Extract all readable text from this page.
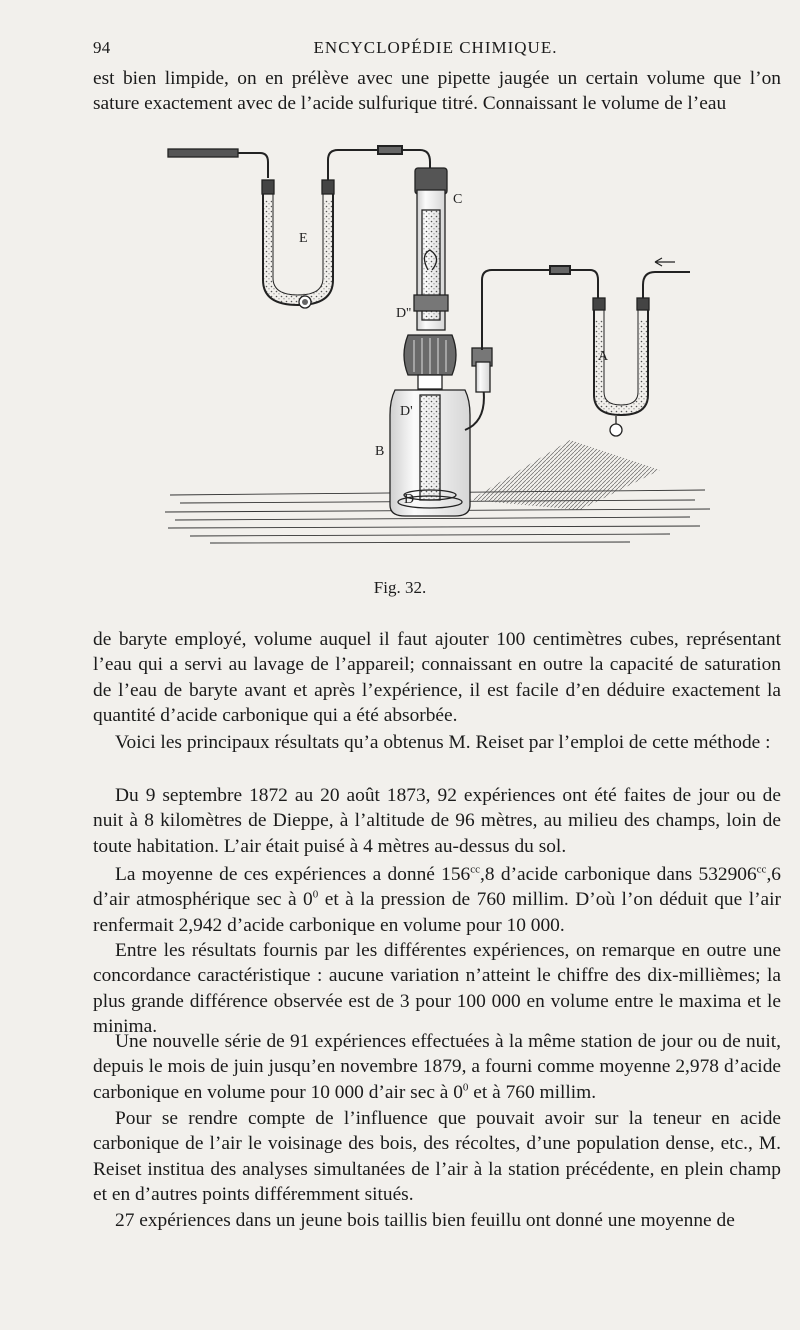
94	ENCYCLOPÉDIE CHIMIQUE.

est bien limpide, on en prélève avec une pipette jaugée un certain volume que l’on sature exactement avec de l’acide sulfurique titré. Connaissant le volume de l’eau

E
C
D''
D'
D
B
A
Fig. 32.

de baryte employé, volume auquel il faut ajouter 100 centimètres cubes, représentant l’eau qui a servi au lavage de l’appareil; connaissant en outre la capacité de saturation de l’eau de baryte avant et après l’expérience, il est facile d’en déduire exactement la quantité d’acide carbonique qui a été absorbée.

Voici les principaux résultats qu’a obtenus M. Reiset par l’emploi de cette méthode :

Du 9 septembre 1872 au 20 août 1873, 92 expériences ont été faites de jour ou de nuit à 8 kilomètres de Dieppe, à l’altitude de 96 mètres, au milieu des champs, loin de toute habitation. L’air était puisé à 4 mètres au-dessus du sol.

La moyenne de ces expériences a donné $156^{cc},8$ d’acide carbonique dans $532906^{cc},6$ d’air atmosphérique sec à $0^0$ et à la pression de 760 millim. D’où l’on déduit que l’air renfermait 2,942 d’acide carbonique en volume pour 10 000.

Entre les résultats fournis par les différentes expériences, on remarque en outre une concordance caractéristique : aucune variation n’atteint le chiffre des dix-millièmes; la plus grande différence observée est de 3 pour 100 000 en volume entre le maxima et le minima.

Une nouvelle série de 91 expériences effectuées à la même station de jour ou de nuit, depuis le mois de juin jusqu’en novembre 1879, a fourni comme moyenne 2,978 d’acide carbonique en volume pour 10 000 d’air sec à $0^0$ et à 760 millim.

Pour se rendre compte de l’influence que pouvait avoir sur la teneur en acide carbonique de l’air le voisinage des bois, des récoltes, d’une population dense, etc., M. Reiset institua des analyses simultanées de l’air à la station précédente, en plein champ et en d’autres points différemment situés.

27 expériences dans un jeune bois taillis bien feuillu ont donné une moyenne de
